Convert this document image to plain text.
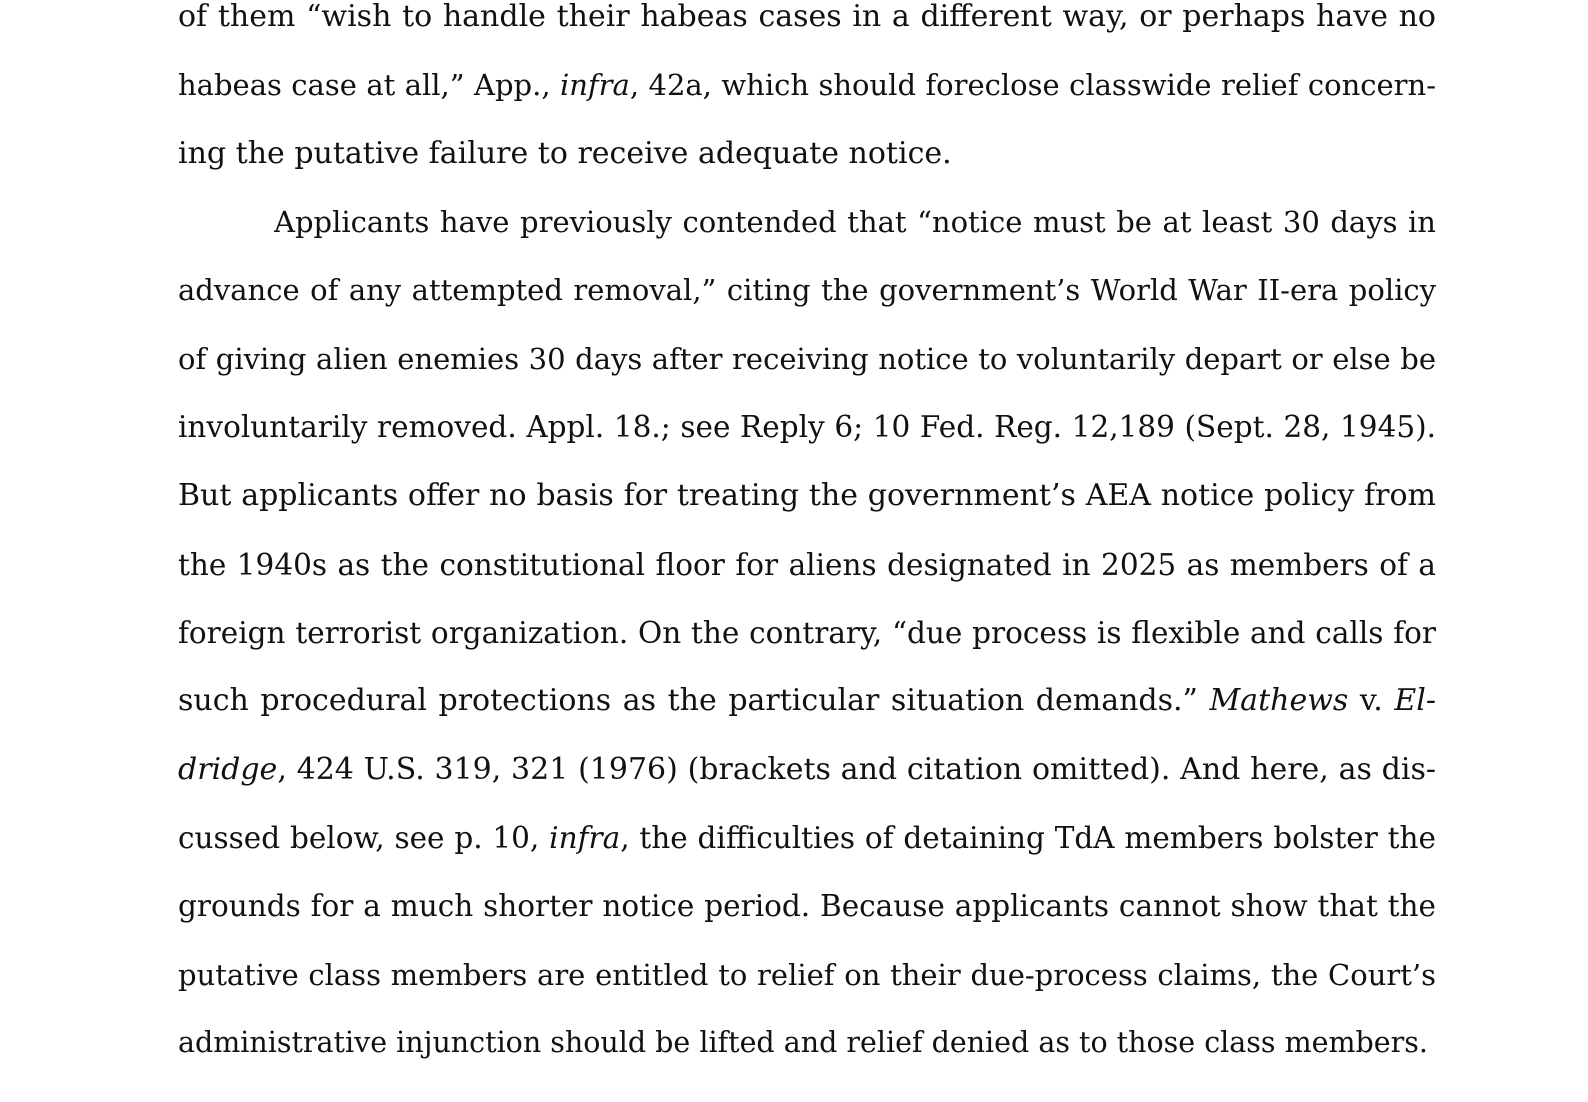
of them “wish to handle their habeas cases in a different way, or perhaps have no
habeas case at all,” App., infra, 42a, which should foreclose classwide relief concern-
ing the putative failure to receive adequate notice.
Applicants have previously contended that “notice must be at least 30 days in
advance of any attempted removal,” citing the government’s World War II-era policy
of giving alien enemies 30 days after receiving notice to voluntarily depart or else be
involuntarily removed. Appl. 18.; see Reply 6; 10 Fed. Reg. 12,189 (Sept. 28, 1945).
But applicants offer no basis for treating the government’s AEA notice policy from
the 1940s as the constitutional floor for aliens designated in 2025 as members of a
foreign terrorist organization. On the contrary, “due process is flexible and calls for
such procedural protections as the particular situation demands.” Mathews v. El-
dridge, 424 U.S. 319, 321 (1976) (brackets and citation omitted). And here, as dis-
cussed below, see p. 10, infra, the difficulties of detaining TdA members bolster the
grounds for a much shorter notice period. Because applicants cannot show that the
putative class members are entitled to relief on their due-process claims, the Court’s
administrative injunction should be lifted and relief denied as to those class members.
